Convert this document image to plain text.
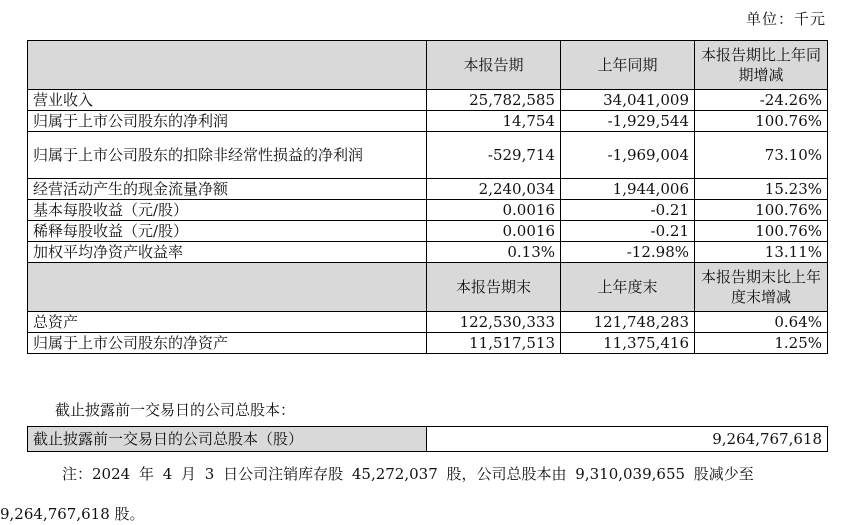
单位：千元
	本报告期	上年同期	本报告期比上年同期增减
营业收入	25,782,585	34,041,009	-24.26%
归属于上市公司股东的净利润	14,754	-1,929,544	100.76%
归属于上市公司股东的扣除非经常性损益的净利润	-529,714	-1,969,004	73.10%
经营活动产生的现金流量净额	2,240,034	1,944,006	15.23%
基本每股收益（元/股）	0.0016	-0.21	100.76%
稀释每股收益（元/股）	0.0016	-0.21	100.76%
加权平均净资产收益率	0.13%	-12.98%	13.11%
	本报告期末	上年度末	本报告期末比上年度末增减
总资产	122,530,333	121,748,283	0.64%
归属于上市公司股东的净资产	11,517,513	11,375,416	1.25%
截止披露前一交易日的公司总股本：
截止披露前一交易日的公司总股本（股）	9,264,767,618
注：2024 年 4 月 3 日公司注销库存股 45,272,037 股，公司总股本由 9,310,039,655 股减少至
9,264,767,618 股。
